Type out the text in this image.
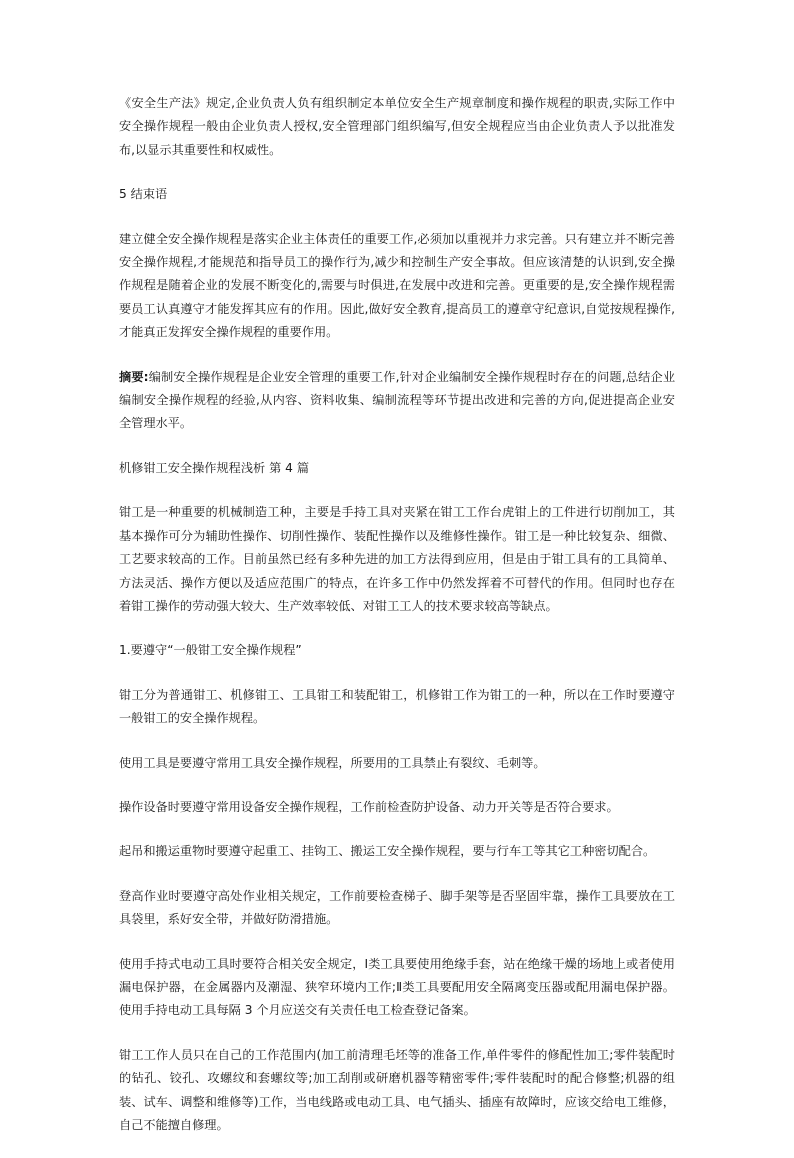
《安全生产法》规定,企业负责人负有组织制定本单位安全生产规章制度和操作规程的职责,实际工作中安全操作规程一般由企业负责人授权,安全管理部门组织编写,但安全规程应当由企业负责人予以批准发布,以显示其重要性和权威性。

5 结束语

建立健全安全操作规程是落实企业主体责任的重要工作,必须加以重视并力求完善。只有建立并不断完善安全操作规程,才能规范和指导员工的操作行为,减少和控制生产安全事故。但应该清楚的认识到,安全操作规程是随着企业的发展不断变化的,需要与时俱进,在发展中改进和完善。更重要的是,安全操作规程需要员工认真遵守才能发挥其应有的作用。因此,做好安全教育,提高员工的遵章守纪意识,自觉按规程操作,才能真正发挥安全操作规程的重要作用。

摘要:编制安全操作规程是企业安全管理的重要工作,针对企业编制安全操作规程时存在的问题,总结企业编制安全操作规程的经验,从内容、资料收集、编制流程等环节提出改进和完善的方向,促进提高企业安全管理水平。

机修钳工安全操作规程浅析 第 4 篇

钳工是一种重要的机械制造工种，主要是手持工具对夹紧在钳工工作台虎钳上的工件进行切削加工，其基本操作可分为辅助性操作、切削性操作、装配性操作以及维修性操作。钳工是一种比较复杂、细微、工艺要求较高的工作。目前虽然已经有多种先进的加工方法得到应用，但是由于钳工具有的工具简单、方法灵活、操作方便以及适应范围广的特点，在许多工作中仍然发挥着不可替代的作用。但同时也存在着钳工操作的劳动强大较大、生产效率较低、对钳工工人的技术要求较高等缺点。

1.要遵守“一般钳工安全操作规程”

钳工分为普通钳工、机修钳工、工具钳工和装配钳工，机修钳工作为钳工的一种，所以在工作时要遵守一般钳工的安全操作规程。

使用工具是要遵守常用工具安全操作规程，所要用的工具禁止有裂纹、毛刺等。

操作设备时要遵守常用设备安全操作规程，工作前检查防护设备、动力开关等是否符合要求。

起吊和搬运重物时要遵守起重工、挂钩工、搬运工安全操作规程，要与行车工等其它工种密切配合。

登高作业时要遵守高处作业相关规定，工作前要检查梯子、脚手架等是否坚固牢靠，操作工具要放在工具袋里，系好安全带，并做好防滑措施。

使用手持式电动工具时要符合相关安全规定，Ⅰ类工具要使用绝缘手套，站在绝缘干燥的场地上或者使用漏电保护器，在金属器内及潮湿、狭窄环境内工作;Ⅱ类工具要配用安全隔离变压器或配用漏电保护器。使用手持电动工具每隔 3 个月应送交有关责任电工检查登记备案。

钳工工作人员只在自己的工作范围内(加工前清理毛坯等的准备工作,单件零件的修配性加工;零件装配时的钻孔、铰孔、攻螺纹和套螺纹等;加工刮削或研磨机器等精密零件;零件装配时的配合修整;机器的组装、试车、调整和维修等)工作，当电线路或电动工具、电气插头、插座有故障时，应该交给电工维修，自己不能擅自修理。
